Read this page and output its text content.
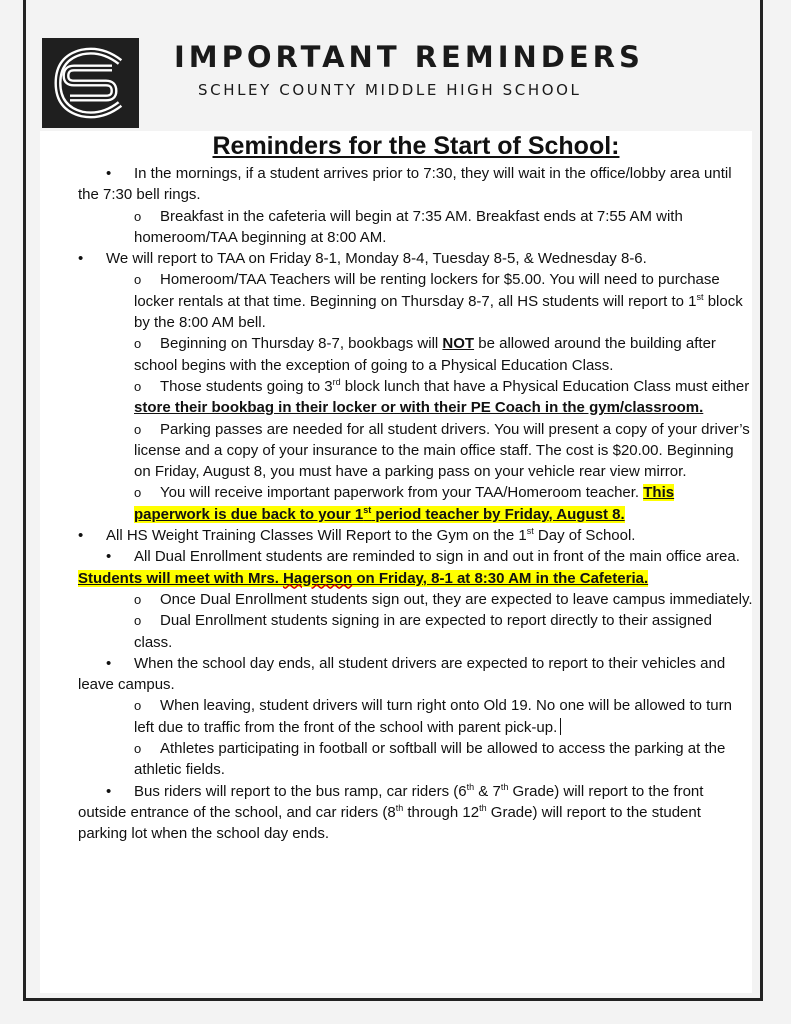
IMPORTANT REMINDERS
SCHLEY COUNTY MIDDLE HIGH SCHOOL
Reminders for the Start of School:

• In the mornings, if a student arrives prior to 7:30, they will wait in the office/lobby area until the 7:30 bell rings.

o Breakfast in the cafeteria will begin at 7:35 AM. Breakfast ends at 7:55 AM with homeroom/TAA beginning at 8:00 AM.

• We will report to TAA on Friday 8-1, Monday 8-4, Tuesday 8-5, & Wednesday 8-6.

o Homeroom/TAA Teachers will be renting lockers for $5.00. You will need to purchase locker rentals at that time. Beginning on Thursday 8-7, all HS students will report to 1st block by the 8:00 AM bell.

o Beginning on Thursday 8-7, bookbags will NOT be allowed around the building after school begins with the exception of going to a Physical Education Class.

o Those students going to 3rd block lunch that have a Physical Education Class must either store their bookbag in their locker or with their PE Coach in the gym/classroom.

o Parking passes are needed for all student drivers. You will present a copy of your driver’s license and a copy of your insurance to the main office staff. The cost is $20.00. Beginning on Friday, August 8, you must have a parking pass on your vehicle rear view mirror.

o You will receive important paperwork from your TAA/Homeroom teacher. This paperwork is due back to your 1st period teacher by Friday, August 8.

• All HS Weight Training Classes Will Report to the Gym on the 1st Day of School.

• All Dual Enrollment students are reminded to sign in and out in front of the main office area. Students will meet with Mrs. Hagerson on Friday, 8-1 at 8:30 AM in the Cafeteria.

o Once Dual Enrollment students sign out, they are expected to leave campus immediately.

o Dual Enrollment students signing in are expected to report directly to their assigned class.

• When the school day ends, all student drivers are expected to report to their vehicles and leave campus.

o When leaving, student drivers will turn right onto Old 19. No one will be allowed to turn left due to traffic from the front of the school with parent pick-up.

o Athletes participating in football or softball will be allowed to access the parking at the athletic fields.

• Bus riders will report to the bus ramp, car riders (6th & 7th Grade) will report to the front outside entrance of the school, and car riders (8th through 12th Grade) will report to the student parking lot when the school day ends.
